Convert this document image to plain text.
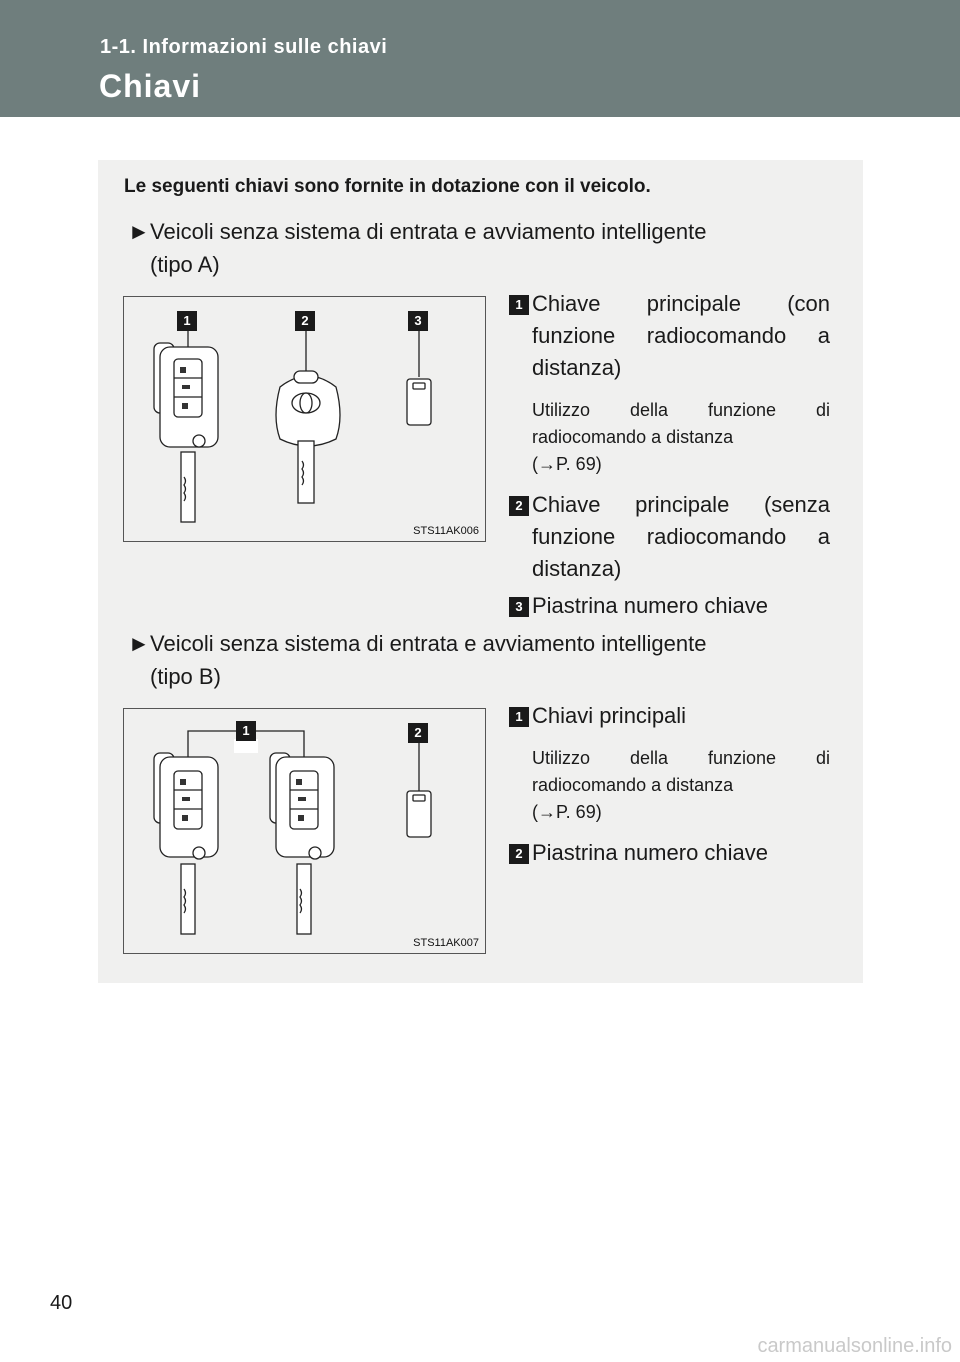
1-1. Informazioni sulle chiavi
Chiavi
Le seguenti chiavi sono fornite in dotazione con il veicolo.
►Veicoli senza sistema di entrata e avviamento intelligente
(tipo A)
1	2	3
STS11AK006
1 Chiave principale (con funzione radiocomando a distanza)
Utilizzo della funzione di
radiocomando a distanza
(→P. 69)
2 Chiave principale (senza funzione radiocomando a distanza)
3 Piastrina numero chiave
►Veicoli senza sistema di entrata e avviamento intelligente
(tipo B)
1	2
STS11AK007
1 Chiavi principali
Utilizzo della funzione di
radiocomando a distanza
(→P. 69)
2 Piastrina numero chiave
40
carmanualsonline.info
